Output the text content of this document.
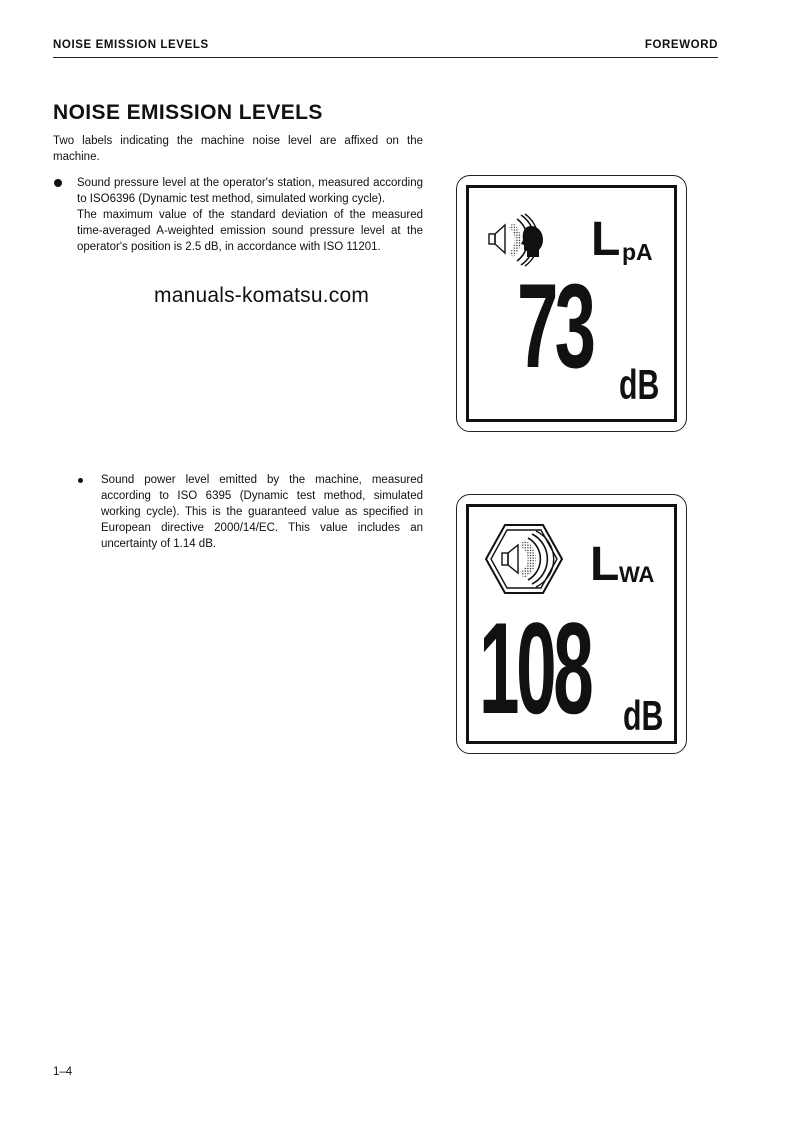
NOISE EMISSION LEVELS	FOREWORD
NOISE EMISSION LEVELS

Two labels indicating the machine noise level are affixed on the machine.

Sound pressure level at the operator's station, measured according to ISO6396 (Dynamic test method, simulated working cycle).

The maximum value of the standard deviation of the measured time-averaged A-weighted emission sound pressure level at the operator's position is 2.5 dB, in accordance with ISO 11201.

manuals-komatsu.com

Sound power level emitted by the machine, measured according to ISO 6395 (Dynamic test method, simulated working cycle). This is the guaranteed value as specified in European directive 2000/14/EC. This value includes an uncertainty of 1.14 dB.

L pA
73 dB
L WA
108 dB
1–4
